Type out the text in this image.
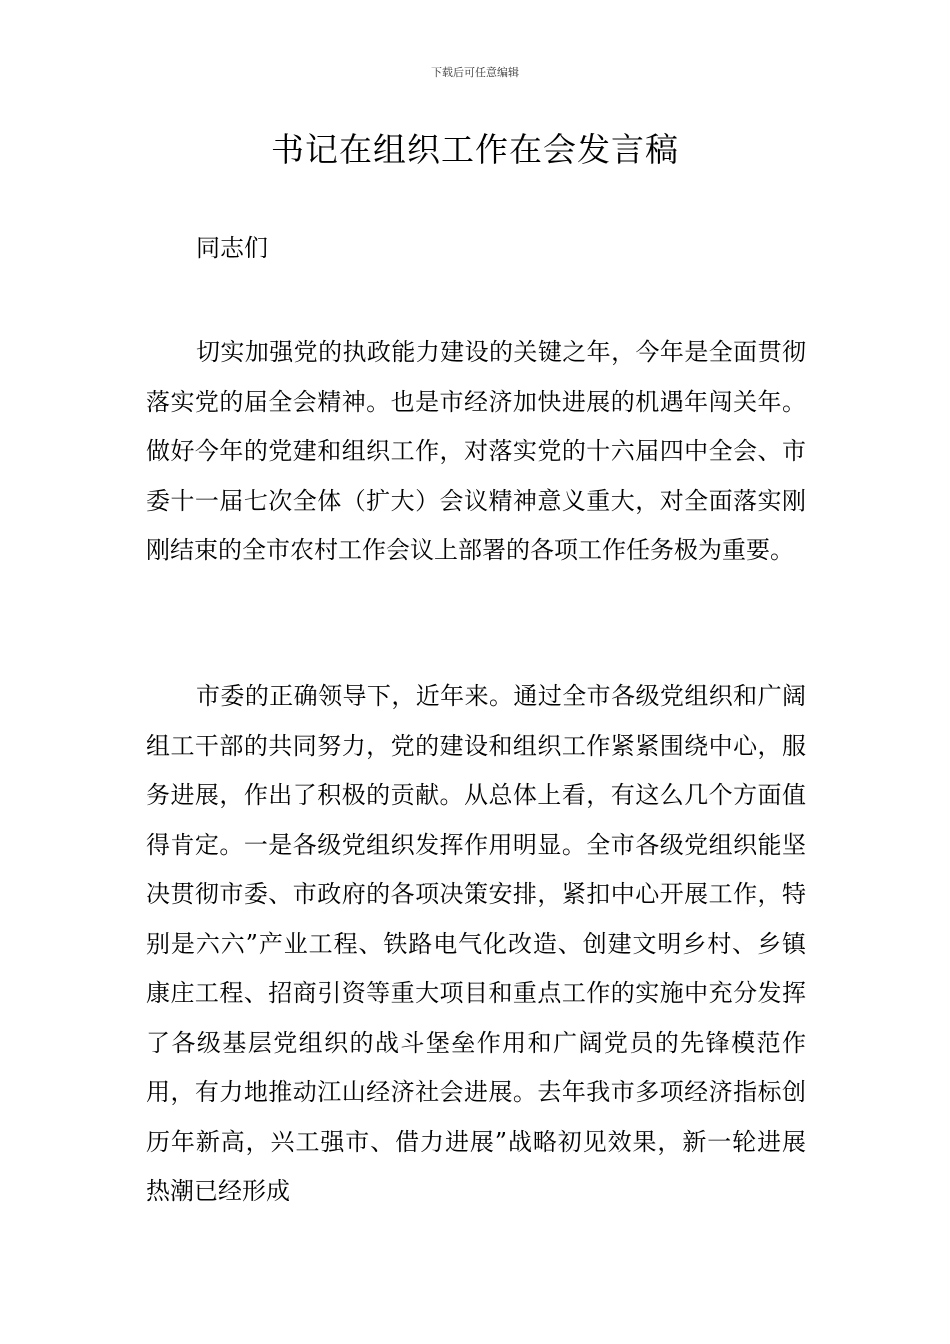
下载后可任意编辑
书记在组织工作在会发言稿

同志们

切实加强党的执政能力建设的关键之年，今年是全面贯彻落实党的届全会精神。也是市经济加快进展的机遇年闯关年。做好今年的党建和组织工作，对落实党的十六届四中全会、市委十一届七次全体（扩大）会议精神意义重大，对全面落实刚刚结束的全市农村工作会议上部署的各项工作任务极为重要。

市委的正确领导下，近年来。通过全市各级党组织和广阔组工干部的共同努力，党的建设和组织工作紧紧围绕中心，服务进展，作出了积极的贡献。从总体上看，有这么几个方面值得肯定。一是各级党组织发挥作用明显。全市各级党组织能坚决贯彻市委、市政府的各项决策安排，紧扣中心开展工作，特别是六六”产业工程、铁路电气化改造、创建文明乡村、乡镇康庄工程、招商引资等重大项目和重点工作的实施中充分发挥了各级基层党组织的战斗堡垒作用和广阔党员的先锋模范作用，有力地推动江山经济社会进展。去年我市多项经济指标创历年新高，兴工强市、借力进展”战略初见效果，新一轮进展热潮已经形成
